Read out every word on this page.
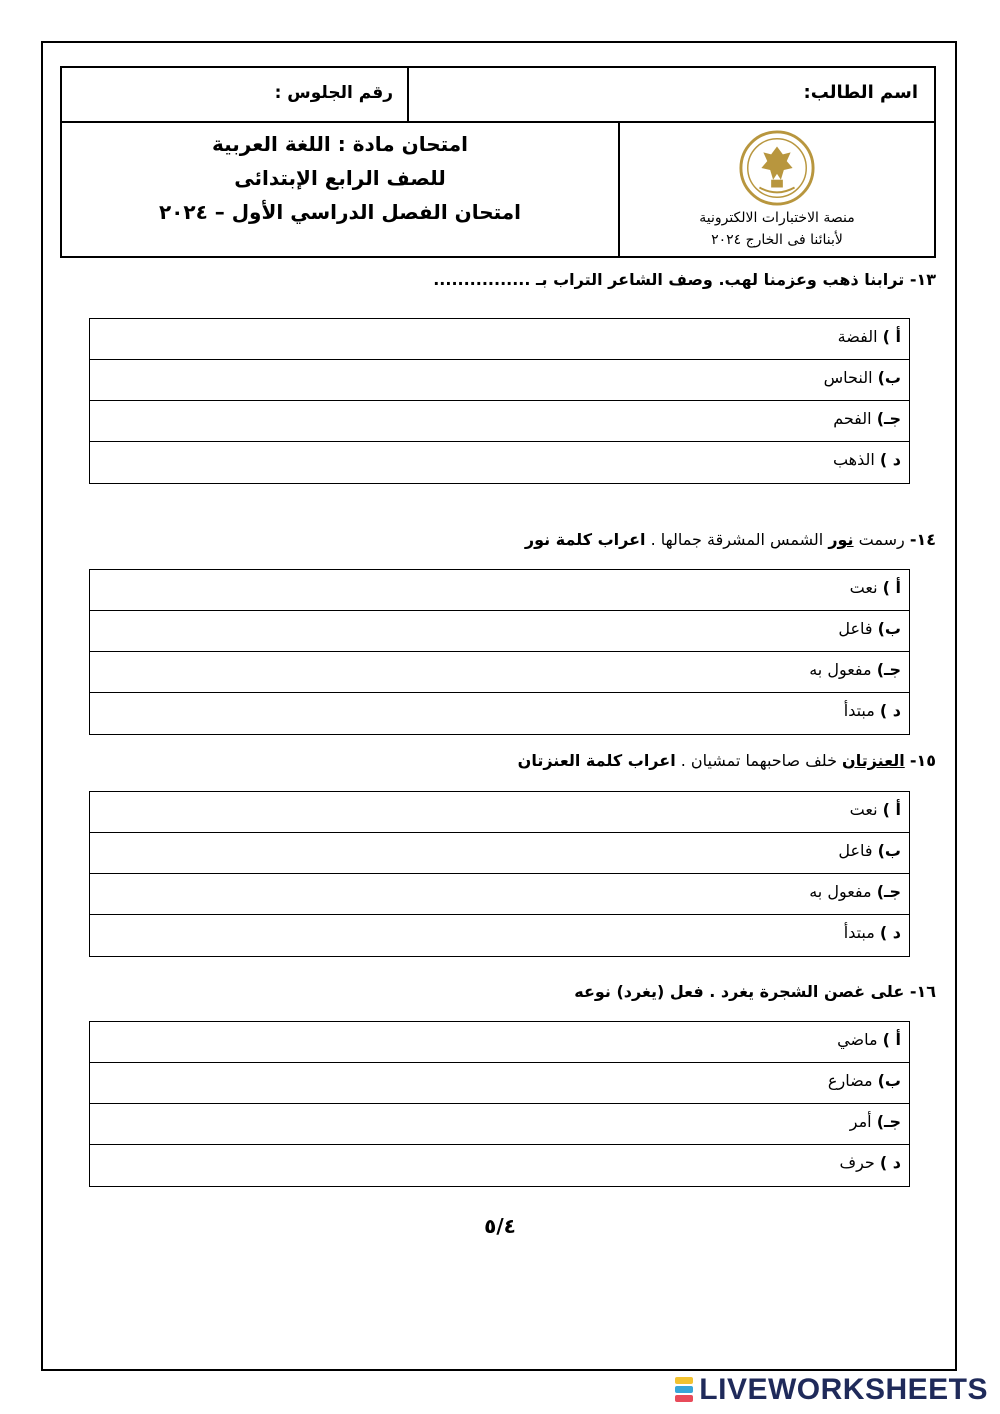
اسم الطالب:
رقم الجلوس :
منصة الاختبارات الالكترونية
لأبنائنا فى الخارج ٢٠٢٤
امتحان مادة : اللغة العربية
للصف الرابع الإبتدائى
امتحان الفصل الدراسي الأول – ٢٠٢٤
١٣- ترابنا ذهب وعزمنا لهب. وصف الشاعر التراب بـ ................
أ ) الفضة
ب) النحاس
جـ) الفحم
د ) الذهب
١٤- رسمت نور الشمس المشرقة جمالها . اعراب كلمة نور
أ ) نعت
ب) فاعل
جـ) مفعول به
د ) مبتدأ
١٥- العنزتان خلف صاحبهما تمشيان . اعراب كلمة العنزتان
أ ) نعت
ب) فاعل
جـ) مفعول به
د ) مبتدأ
١٦- على غصن الشجرة يغرد . فعل (يغرد) نوعه
أ ) ماضي
ب) مضارع
جـ) أمر
د ) حرف
٥/٤
LIVEWORKSHEETS
